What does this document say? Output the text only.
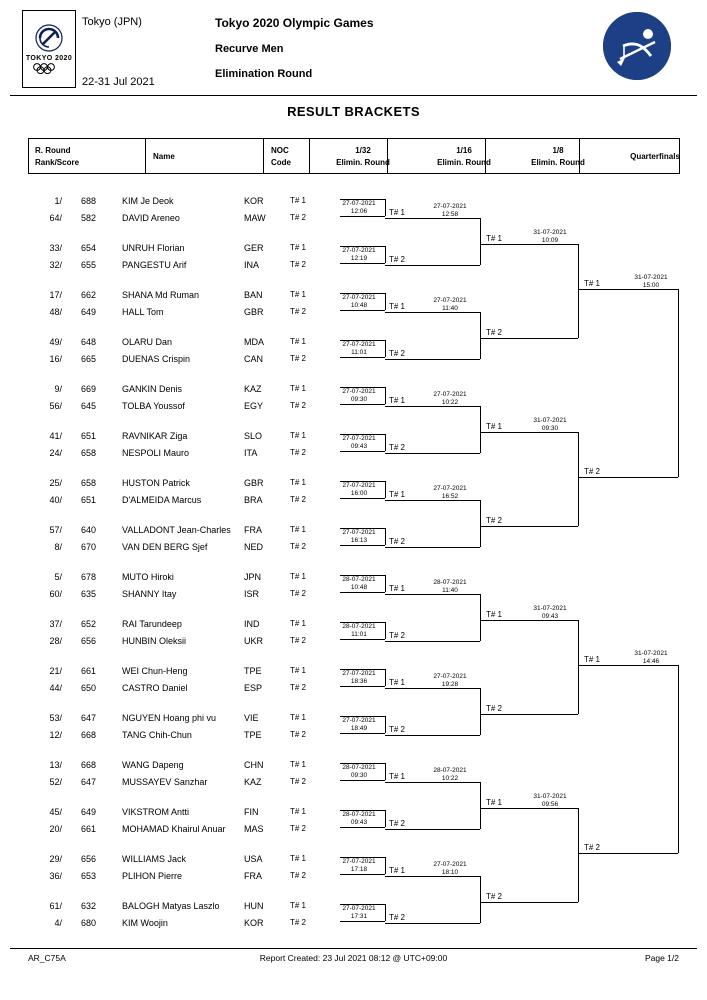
TOKYO 2020
Tokyo (JPN)
22-31 Jul 2021
Tokyo 2020 Olympic Games
Recurve Men
Elimination Round
RESULT BRACKETS
R. Round
Rank/Score
Name
NOC
Code
1/32
Elimin. Round
1/16
Elimin. Round
1/8
Elimin. Round
Quarterfinals
1/	688	KIM Je Deok	KOR	T# 1
64/	582	DAVID Areneo	MAW	T# 2
33/	654	UNRUH Florian	GER	T# 1
32/	655	PANGESTU Arif	INA	T# 2
17/	662	SHANA Md Ruman	BAN	T# 1
48/	649	HALL Tom	GBR	T# 2
49/	648	OLARU Dan	MDA	T# 1
16/	665	DUENAS Crispin	CAN	T# 2
9/	669	GANKIN Denis	KAZ	T# 1
56/	645	TOLBA Youssof	EGY	T# 2
41/	651	RAVNIKAR Ziga	SLO	T# 1
24/	658	NESPOLI Mauro	ITA	T# 2
25/	658	HUSTON Patrick	GBR	T# 1
40/	651	D'ALMEIDA Marcus	BRA	T# 2
57/	640	VALLADONT Jean-Charles FRA	T# 1
8/	670	VAN DEN BERG Sjef	NED	T# 2
5/	678	MUTO Hiroki	JPN	T# 1
60/	635	SHANNY Itay	ISR	T# 2
37/	652	RAI Tarundeep	IND	T# 1
28/	656	HUNBIN Oleksii	UKR	T# 2
21/	661	WEI Chun-Heng	TPE	T# 1
44/	650	CASTRO Daniel	ESP	T# 2
53/	647	NGUYEN Hoang phi vu	VIE	T# 1
12/	668	TANG Chih-Chun	TPE	T# 2
13/	668	WANG Dapeng	CHN	T# 1
52/	647	MUSSAYEV Sanzhar	KAZ	T# 2
45/	649	VIKSTROM Antti	FIN	T# 1
20/	661	MOHAMAD Khairul Anuar MAS	T# 2
29/	656	WILLIAMS Jack	USA	T# 1
36/	653	PLIHON Pierre	FRA	T# 2
61/	632	BALOGH Matyas Laszlo	HUN	T# 1
4/	680	KIM Woojin	KOR	T# 2
27-07-2021
12:06
27-07-2021
12:19
27-07-2021
10:48
27-07-2021
11:01
27-07-2021
09:30
27-07-2021
09:43
27-07-2021
16:00
27-07-2021
16:13
28-07-2021
10:48
28-07-2021
11:01
27-07-2021
18:36
27-07-2021
18:49
28-07-2021
09:30
28-07-2021
09:43
27-07-2021
17:18
27-07-2021
17:31
T# 1
T# 2
27-07-2021
12:58
T# 1
T# 2
27-07-2021
11:40
T# 1
T# 2
27-07-2021
10:22
T# 1
T# 2
27-07-2021
16:52
T# 1
T# 2
28-07-2021
11:40
T# 1
T# 2
27-07-2021
19:28
T# 1
T# 2
28-07-2021
10:22
T# 1
T# 2
27-07-2021
18:10
T# 1
T# 2
31-07-2021
10:09
T# 1
T# 2
31-07-2021
09:30
T# 1
T# 2
31-07-2021
09:43
T# 1
T# 2
31-07-2021
09:56
T# 1
T# 2
31-07-2021
15:00
T# 1
T# 2
31-07-2021
14:46
AR_C75A	Report Created: 23 Jul 2021 08:12 @ UTC+09:00	Page 1/2
